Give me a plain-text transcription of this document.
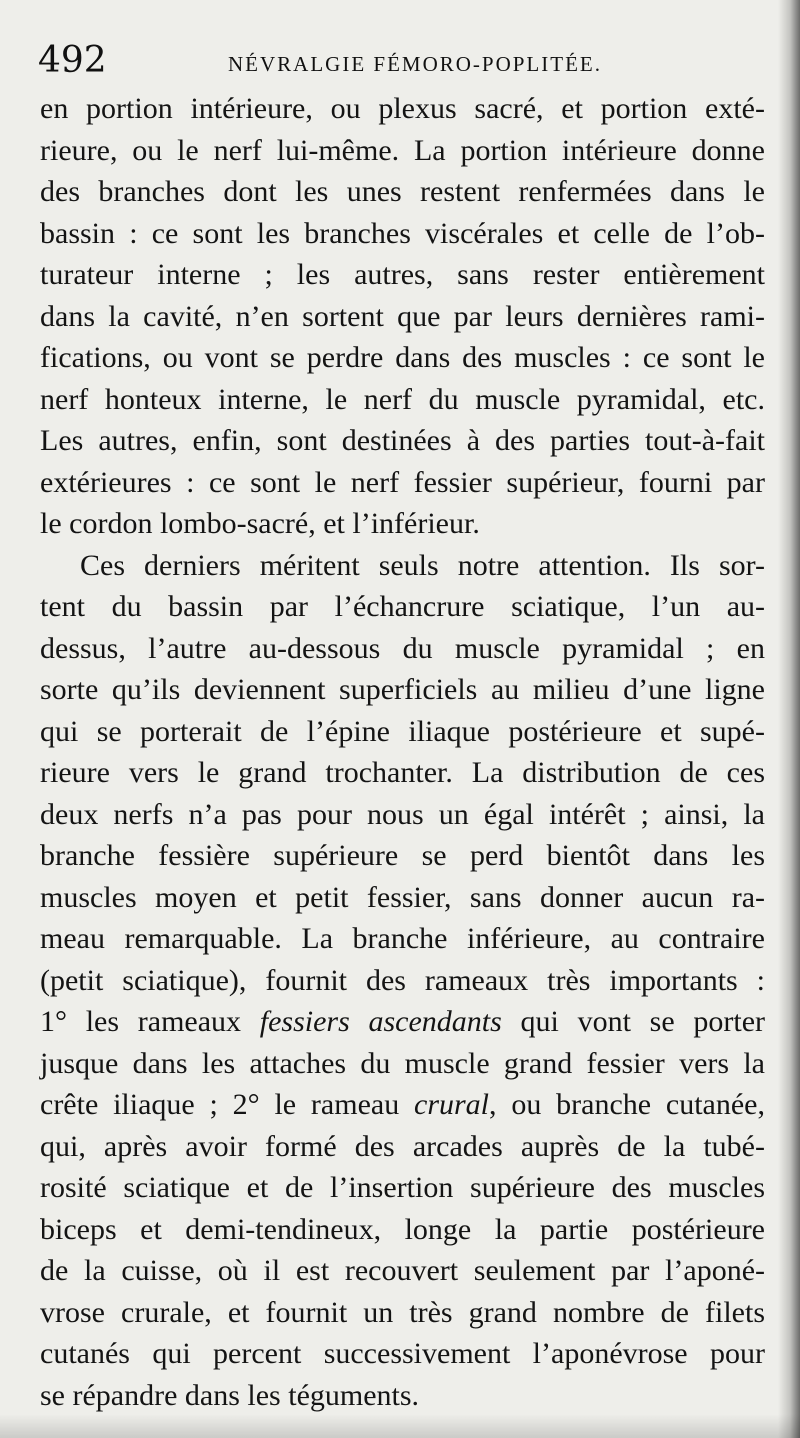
492	NÉVRALGIE FÉMORO-POPLITÉE.
en portion intérieure, ou plexus sacré, et portion exté-
rieure, ou le nerf lui-même. La portion intérieure donne
des branches dont les unes restent renfermées dans le
bassin : ce sont les branches viscérales et celle de l’ob-
turateur interne ; les autres, sans rester entièrement
dans la cavité, n’en sortent que par leurs dernières rami-
fications, ou vont se perdre dans des muscles : ce sont le
nerf honteux interne, le nerf du muscle pyramidal, etc.
Les autres, enfin, sont destinées à des parties tout-à-fait
extérieures : ce sont le nerf fessier supérieur, fourni par
le cordon lombo-sacré, et l’inférieur.
Ces derniers méritent seuls notre attention. Ils sor-
tent du bassin par l’échancrure sciatique, l’un au-
dessus, l’autre au-dessous du muscle pyramidal ; en
sorte qu’ils deviennent superficiels au milieu d’une ligne
qui se porterait de l’épine iliaque postérieure et supé-
rieure vers le grand trochanter. La distribution de ces
deux nerfs n’a pas pour nous un égal intérêt ; ainsi, la
branche fessière supérieure se perd bientôt dans les
muscles moyen et petit fessier, sans donner aucun ra-
meau remarquable. La branche inférieure, au contraire
(petit sciatique), fournit des rameaux très importants :
1° les rameaux fessiers ascendants qui vont se porter
jusque dans les attaches du muscle grand fessier vers la
crête iliaque ; 2° le rameau crural, ou branche cutanée,
qui, après avoir formé des arcades auprès de la tubé-
rosité sciatique et de l’insertion supérieure des muscles
biceps et demi-tendineux, longe la partie postérieure
de la cuisse, où il est recouvert seulement par l’aponé-
vrose crurale, et fournit un très grand nombre de filets
cutanés qui percent successivement l’aponévrose pour
se répandre dans les téguments.
